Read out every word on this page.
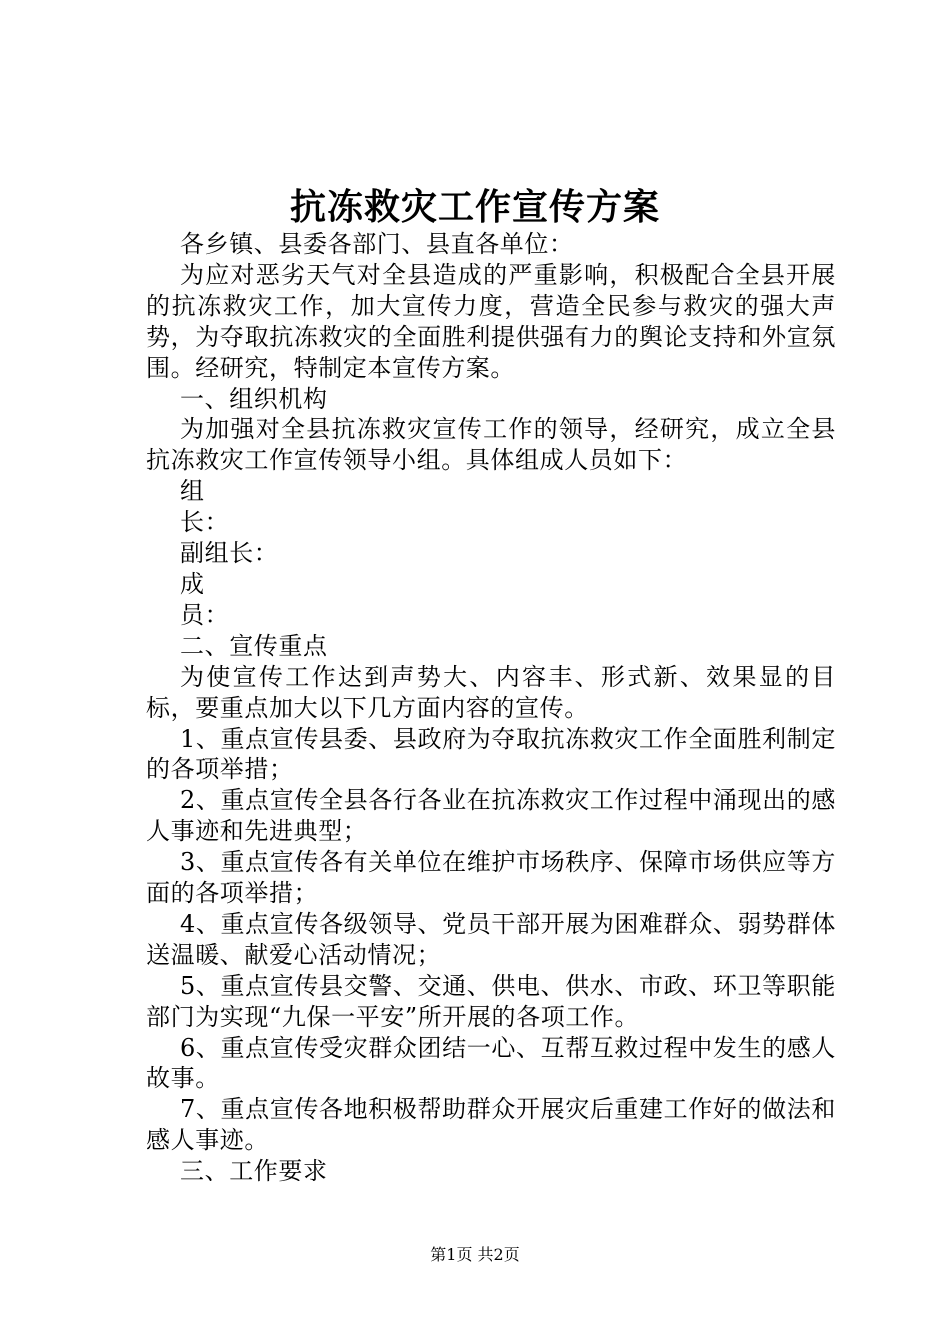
抗冻救灾工作宣传方案

各乡镇、县委各部门、县直各单位：

为应对恶劣天气对全县造成的严重影响，积极配合全县开展的抗冻救灾工作，加大宣传力度，营造全民参与救灾的强大声势，为夺取抗冻救灾的全面胜利提供强有力的舆论支持和外宣氛围。经研究，特制定本宣传方案。

一、组织机构

为加强对全县抗冻救灾宣传工作的领导，经研究，成立全县抗冻救灾工作宣传领导小组。具体组成人员如下：

组长：

副组长：

成员：

二、宣传重点

为使宣传工作达到声势大、内容丰、形式新、效果显的目标，要重点加大以下几方面内容的宣传。

1、重点宣传县委、县政府为夺取抗冻救灾工作全面胜利制定的各项举措；

2、重点宣传全县各行各业在抗冻救灾工作过程中涌现出的感人事迹和先进典型；

3、重点宣传各有关单位在维护市场秩序、保障市场供应等方面的各项举措；

4、重点宣传各级领导、党员干部开展为困难群众、弱势群体送温暖、献爱心活动情况；

5、重点宣传县交警、交通、供电、供水、市政、环卫等职能部门为实现“九保一平安”所开展的各项工作。

6、重点宣传受灾群众团结一心、互帮互救过程中发生的感人故事。

7、重点宣传各地积极帮助群众开展灾后重建工作好的做法和感人事迹。

三、工作要求

第1页 共2页
